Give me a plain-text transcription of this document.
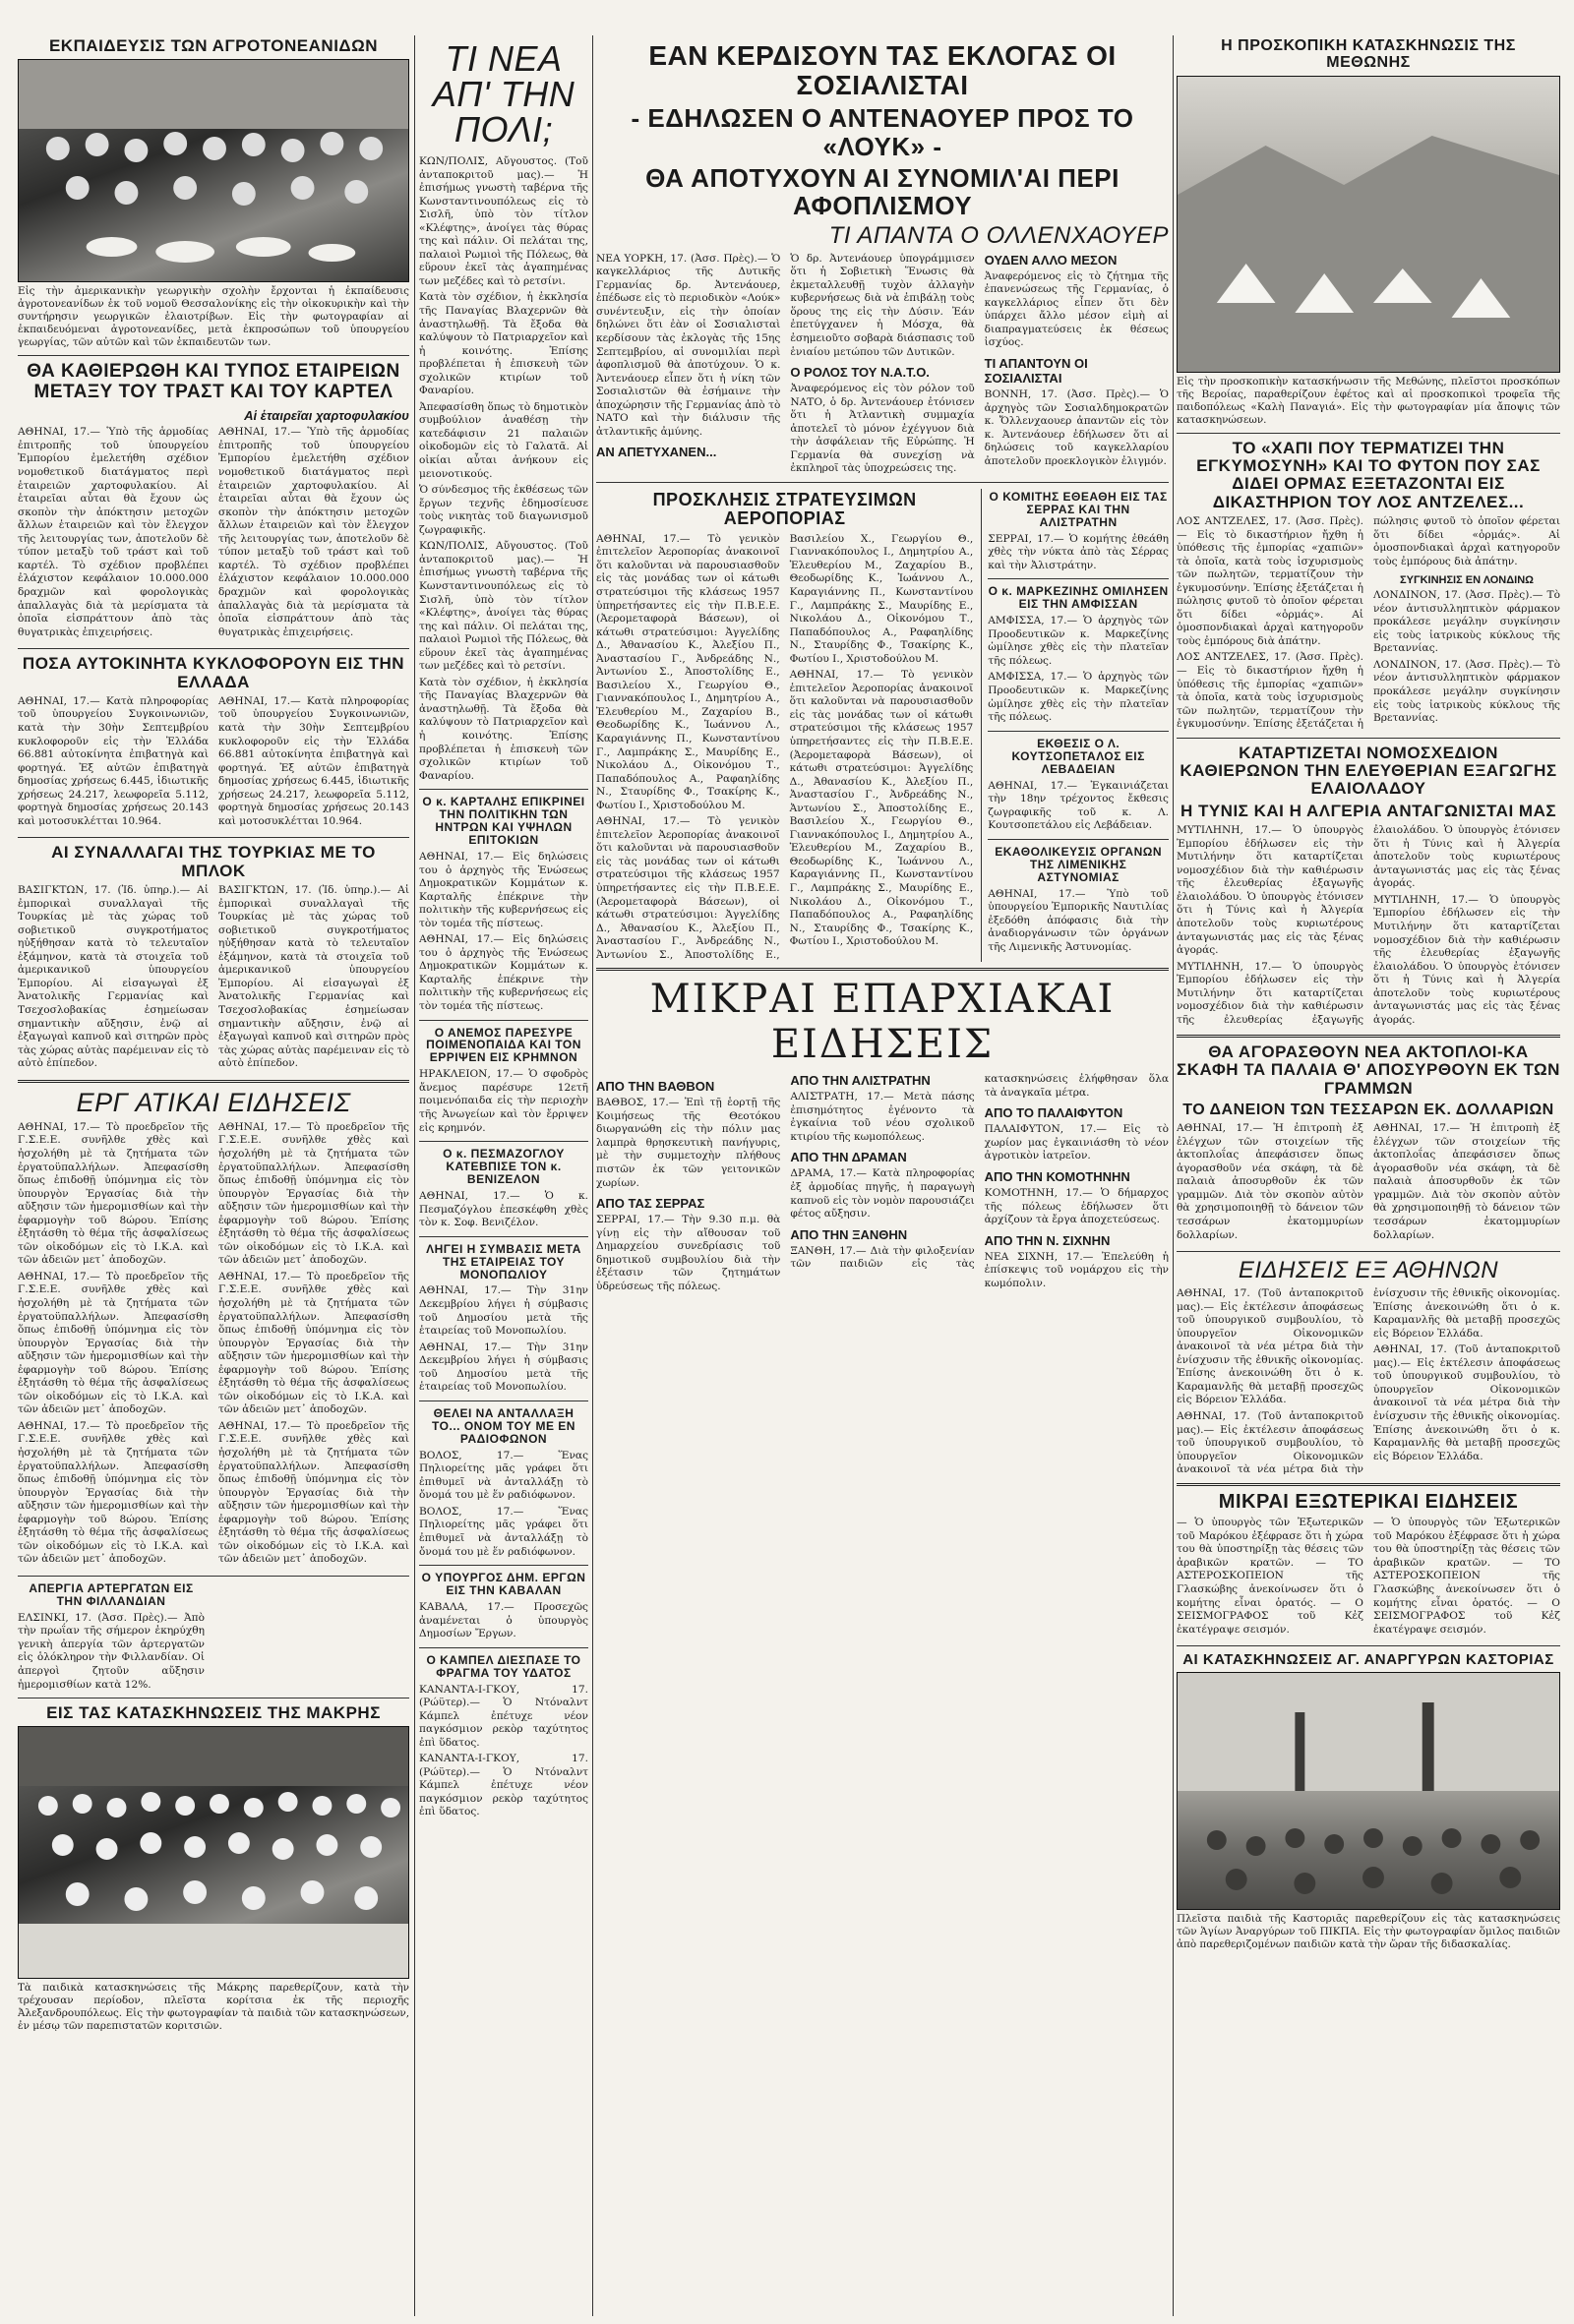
ΕΚΠΑΙΔΕΥΣΙΣ ΤΩΝ ΑΓΡΟΤΟΝΕΑΝΙΔΩΝ
Εἰς τὴν ἀμερικανικὴν γεωργικὴν σχολὴν ἔρχονται ἡ ἐκπαίδευσις ἀγροτονεανίδων ἐκ τοῦ νομοῦ Θεσσαλονίκης εἰς τὴν οἰκοκυρικὴν καὶ τὴν συντήρησιν γεωργικῶν ἐλαιοτρίβων. Εἰς τὴν φωτογραφίαν αἱ ἐκπαιδευόμεναι ἀγροτονεανίδες, μετὰ ἐκπροσώπων τοῦ ὑπουργείου γεωργίας, τῶν αὐτῶν καὶ τῶν ἐκπαιδευτῶν των.
ΘΑ ΚΑΘΙΕΡΩΘΗ ΚΑΙ ΤΥΠΟΣ ΕΤΑΙΡΕΙΩΝ ΜΕΤΑΞΥ ΤΟΥ ΤΡΑΣΤ ΚΑΙ ΤΟΥ ΚΑΡΤΕΛ
Αἱ ἑταιρεῖαι χαρτοφυλακίου

ΑΘΗΝΑΙ, 17.— Ὑπὸ τῆς ἁρμοδίας ἐπιτροπῆς τοῦ ὑπουργείου Ἐμπορίου ἐμελετήθη σχέδιον νομοθετικοῦ διατάγματος περὶ ἑταιρειῶν χαρτοφυλακίου. Αἱ ἑταιρεῖαι αὗται θὰ ἔχουν ὡς σκοπὸν τὴν ἀπόκτησιν μετοχῶν ἄλλων ἑταιρειῶν καὶ τὸν ἔλεγχον τῆς λειτουργίας των, ἀποτελοῦν δὲ τύπον μεταξὺ τοῦ τράστ καὶ τοῦ καρτέλ. Τὸ σχέδιον προβλέπει ἐλάχιστον κεφάλαιον 10.000.000 δραχμῶν καὶ φορολογικὰς ἀπαλλαγὰς διὰ τὰ μερίσματα τὰ ὁποῖα εἰσπράττουν ἀπὸ τὰς θυγατρικὰς ἐπιχειρήσεις.

ΑΘΗΝΑΙ, 17.— Ὑπὸ τῆς ἁρμοδίας ἐπιτροπῆς τοῦ ὑπουργείου Ἐμπορίου ἐμελετήθη σχέδιον νομοθετικοῦ διατάγματος περὶ ἑταιρειῶν χαρτοφυλακίου. Αἱ ἑταιρεῖαι αὗται θὰ ἔχουν ὡς σκοπὸν τὴν ἀπόκτησιν μετοχῶν ἄλλων ἑταιρειῶν καὶ τὸν ἔλεγχον τῆς λειτουργίας των, ἀποτελοῦν δὲ τύπον μεταξὺ τοῦ τράστ καὶ τοῦ καρτέλ. Τὸ σχέδιον προβλέπει ἐλάχιστον κεφάλαιον 10.000.000 δραχμῶν καὶ φορολογικὰς ἀπαλλαγὰς διὰ τὰ μερίσματα τὰ ὁποῖα εἰσπράττουν ἀπὸ τὰς θυγατρικὰς ἐπιχειρήσεις.

ΠΟΣΑ ΑΥΤΟΚΙΝΗΤΑ ΚΥΚΛΟΦΟΡΟΥΝ ΕΙΣ ΤΗΝ ΕΛΛΑΔΑ

ΑΘΗΝΑΙ, 17.— Κατὰ πληροφορίας τοῦ ὑπουργείου Συγκοινωνιῶν, κατὰ τὴν 30ὴν Σεπτεμβρίου κυκλοφοροῦν εἰς τὴν Ἑλλάδα 66.881 αὐτοκίνητα ἐπιβατηγὰ καὶ φορτηγά. Ἐξ αὐτῶν ἐπιβατηγὰ δημοσίας χρήσεως 6.445, ἰδιωτικῆς χρήσεως 24.217, λεωφορεῖα 5.112, φορτηγὰ δημοσίας χρήσεως 20.143 καὶ μοτοσυκλέτται 10.964.

ΑΘΗΝΑΙ, 17.— Κατὰ πληροφορίας τοῦ ὑπουργείου Συγκοινωνιῶν, κατὰ τὴν 30ὴν Σεπτεμβρίου κυκλοφοροῦν εἰς τὴν Ἑλλάδα 66.881 αὐτοκίνητα ἐπιβατηγὰ καὶ φορτηγά. Ἐξ αὐτῶν ἐπιβατηγὰ δημοσίας χρήσεως 6.445, ἰδιωτικῆς χρήσεως 24.217, λεωφορεῖα 5.112, φορτηγὰ δημοσίας χρήσεως 20.143 καὶ μοτοσυκλέτται 10.964.

ΑΙ ΣΥΝΑΛΛΑΓΑΙ ΤΗΣ ΤΟΥΡΚΙΑΣ ΜΕ ΤΟ ΜΠΛΟΚ

ΒΑΣΙΓΚΤΩΝ, 17. (Ἰδ. ὑπηρ.).— Αἱ ἐμπορικαὶ συναλλαγαὶ τῆς Τουρκίας μὲ τὰς χώρας τοῦ σοβιετικοῦ συγκροτήματος ηὐξήθησαν κατὰ τὸ τελευταῖον ἑξάμηνον, κατὰ τὰ στοιχεῖα τοῦ ἀμερικανικοῦ ὑπουργείου Ἐμπορίου. Αἱ εἰσαγωγαὶ ἐξ Ἀνατολικῆς Γερμανίας καὶ Τσεχοσλοβακίας ἐσημείωσαν σημαντικὴν αὔξησιν, ἐνῷ αἱ ἐξαγωγαὶ καπνοῦ καὶ σιτηρῶν πρὸς τὰς χώρας αὐτὰς παρέμειναν εἰς τὸ αὐτὸ ἐπίπεδον.

ΒΑΣΙΓΚΤΩΝ, 17. (Ἰδ. ὑπηρ.).— Αἱ ἐμπορικαὶ συναλλαγαὶ τῆς Τουρκίας μὲ τὰς χώρας τοῦ σοβιετικοῦ συγκροτήματος ηὐξήθησαν κατὰ τὸ τελευταῖον ἑξάμηνον, κατὰ τὰ στοιχεῖα τοῦ ἀμερικανικοῦ ὑπουργείου Ἐμπορίου. Αἱ εἰσαγωγαὶ ἐξ Ἀνατολικῆς Γερμανίας καὶ Τσεχοσλοβακίας ἐσημείωσαν σημαντικὴν αὔξησιν, ἐνῷ αἱ ἐξαγωγαὶ καπνοῦ καὶ σιτηρῶν πρὸς τὰς χώρας αὐτὰς παρέμειναν εἰς τὸ αὐτὸ ἐπίπεδον.

ΕΡΓ ΑΤΙΚΑΙ ΕΙΔΗΣΕΙΣ

ΑΘΗΝΑΙ, 17.— Τὸ προεδρεῖον τῆς Γ.Σ.Ε.Ε. συνῆλθε χθὲς καὶ ἠσχολήθη μὲ τὰ ζητήματα τῶν ἐργατοϋπαλλήλων. Ἀπεφασίσθη ὅπως ἐπιδοθῇ ὑπόμνημα εἰς τὸν ὑπουργὸν Ἐργασίας διὰ τὴν αὔξησιν τῶν ἡμερομισθίων καὶ τὴν ἐφαρμογὴν τοῦ 8ώρου. Ἐπίσης ἐξητάσθη τὸ θέμα τῆς ἀσφαλίσεως τῶν οἰκοδόμων εἰς τὸ Ι.Κ.Α. καὶ τῶν ἀδειῶν μετ᾽ ἀποδοχῶν.

ΑΘΗΝΑΙ, 17.— Τὸ προεδρεῖον τῆς Γ.Σ.Ε.Ε. συνῆλθε χθὲς καὶ ἠσχολήθη μὲ τὰ ζητήματα τῶν ἐργατοϋπαλλήλων. Ἀπεφασίσθη ὅπως ἐπιδοθῇ ὑπόμνημα εἰς τὸν ὑπουργὸν Ἐργασίας διὰ τὴν αὔξησιν τῶν ἡμερομισθίων καὶ τὴν ἐφαρμογὴν τοῦ 8ώρου. Ἐπίσης ἐξητάσθη τὸ θέμα τῆς ἀσφαλίσεως τῶν οἰκοδόμων εἰς τὸ Ι.Κ.Α. καὶ τῶν ἀδειῶν μετ᾽ ἀποδοχῶν.

ΑΘΗΝΑΙ, 17.— Τὸ προεδρεῖον τῆς Γ.Σ.Ε.Ε. συνῆλθε χθὲς καὶ ἠσχολήθη μὲ τὰ ζητήματα τῶν ἐργατοϋπαλλήλων. Ἀπεφασίσθη ὅπως ἐπιδοθῇ ὑπόμνημα εἰς τὸν ὑπουργὸν Ἐργασίας διὰ τὴν αὔξησιν τῶν ἡμερομισθίων καὶ τὴν ἐφαρμογὴν τοῦ 8ώρου. Ἐπίσης ἐξητάσθη τὸ θέμα τῆς ἀσφαλίσεως τῶν οἰκοδόμων εἰς τὸ Ι.Κ.Α. καὶ τῶν ἀδειῶν μετ᾽ ἀποδοχῶν.

ΑΘΗΝΑΙ, 17.— Τὸ προεδρεῖον τῆς Γ.Σ.Ε.Ε. συνῆλθε χθὲς καὶ ἠσχολήθη μὲ τὰ ζητήματα τῶν ἐργατοϋπαλλήλων. Ἀπεφασίσθη ὅπως ἐπιδοθῇ ὑπόμνημα εἰς τὸν ὑπουργὸν Ἐργασίας διὰ τὴν αὔξησιν τῶν ἡμερομισθίων καὶ τὴν ἐφαρμογὴν τοῦ 8ώρου. Ἐπίσης ἐξητάσθη τὸ θέμα τῆς ἀσφαλίσεως τῶν οἰκοδόμων εἰς τὸ Ι.Κ.Α. καὶ τῶν ἀδειῶν μετ᾽ ἀποδοχῶν.

ΑΘΗΝΑΙ, 17.— Τὸ προεδρεῖον τῆς Γ.Σ.Ε.Ε. συνῆλθε χθὲς καὶ ἠσχολήθη μὲ τὰ ζητήματα τῶν ἐργατοϋπαλλήλων. Ἀπεφασίσθη ὅπως ἐπιδοθῇ ὑπόμνημα εἰς τὸν ὑπουργὸν Ἐργασίας διὰ τὴν αὔξησιν τῶν ἡμερομισθίων καὶ τὴν ἐφαρμογὴν τοῦ 8ώρου. Ἐπίσης ἐξητάσθη τὸ θέμα τῆς ἀσφαλίσεως τῶν οἰκοδόμων εἰς τὸ Ι.Κ.Α. καὶ τῶν ἀδειῶν μετ᾽ ἀποδοχῶν.

ΑΘΗΝΑΙ, 17.— Τὸ προεδρεῖον τῆς Γ.Σ.Ε.Ε. συνῆλθε χθὲς καὶ ἠσχολήθη μὲ τὰ ζητήματα τῶν ἐργατοϋπαλλήλων. Ἀπεφασίσθη ὅπως ἐπιδοθῇ ὑπόμνημα εἰς τὸν ὑπουργὸν Ἐργασίας διὰ τὴν αὔξησιν τῶν ἡμερομισθίων καὶ τὴν ἐφαρμογὴν τοῦ 8ώρου. Ἐπίσης ἐξητάσθη τὸ θέμα τῆς ἀσφαλίσεως τῶν οἰκοδόμων εἰς τὸ Ι.Κ.Α. καὶ τῶν ἀδειῶν μετ᾽ ἀποδοχῶν.

ΑΠΕΡΓΙΑ ΑΡΤΕΡΓΑΤΩΝ ΕΙΣ ΤΗΝ ΦΙΛΛΑΝΔΙΑΝ

ΕΛΣΙΝΚΙ, 17. (Ἀσσ. Πρὲς).— Ἀπὸ τὴν πρωΐαν τῆς σήμερον ἐκηρύχθη γενικὴ ἀπεργία τῶν ἀρτεργατῶν εἰς ὁλόκληρον τὴν Φιλλανδίαν. Οἱ ἀπεργοὶ ζητοῦν αὔξησιν ἡμερομισθίων κατὰ 12%.

ΕΙΣ ΤΑΣ ΚΑΤΑΣΚΗΝΩΣΕΙΣ ΤΗΣ ΜΑΚΡΗΣ
Τὰ παιδικὰ κατασκηνώσεις τῆς Μάκρης παρεθερίζουν, κατὰ τὴν τρέχουσαν περίοδον, πλεῖστα κορίτσια ἐκ τῆς περιοχῆς Ἀλεξανδρουπόλεως. Εἰς τὴν φωτογραφίαν τὰ παιδιὰ τῶν κατασκηνώσεων, ἐν μέσῳ τῶν παρεπιστατῶν κοριτσιῶν.
ΤΙ ΝΕΑ ΑΠ' ΤΗΝ ΠΟΛΙ;

ΚΩΝ/ΠΟΛΙΣ, Αὔγουστος. (Τοῦ ἀνταποκριτοῦ μας).— Ἡ ἐπισήμως γνωστὴ ταβέρνα τῆς Κωνσταντινουπόλεως εἰς τὸ Σισλῆ, ὑπὸ τὸν τίτλον «Κλέφτης», ἀνοίγει τὰς θύρας της καὶ πάλιν. Οἱ πελάται της, παλαιοὶ Ρωμιοὶ τῆς Πόλεως, θὰ εὕρουν ἐκεῖ τὰς ἀγαπημένας των μεζέδες καὶ τὸ ρετσίνι.

Κατὰ τὸν σχέδιον, ἡ ἐκκλησία τῆς Παναγίας Βλαχερνῶν θὰ ἀναστηλωθῇ. Τὰ ἔξοδα θὰ καλύψουν τὸ Πατριαρχεῖον καὶ ἡ κοινότης. Ἐπίσης προβλέπεται ἡ ἐπισκευὴ τῶν σχολικῶν κτιρίων τοῦ Φαναρίου.

Ἀπεφασίσθη ὅπως τὸ δημοτικὸν συμβούλιον ἀναθέσῃ τὴν κατεδάφισιν 21 παλαιῶν οἰκοδομῶν εἰς τὸ Γαλατᾶ. Αἱ οἰκίαι αὗται ἀνήκουν εἰς μειονοτικούς.

Ὁ σύνδεσμος τῆς ἐκθέσεως τῶν ἔργων τεχνῆς ἐδημοσίευσε τοὺς νικητὰς τοῦ διαγωνισμοῦ ζωγραφικῆς.

ΚΩΝ/ΠΟΛΙΣ, Αὔγουστος. (Τοῦ ἀνταποκριτοῦ μας).— Ἡ ἐπισήμως γνωστὴ ταβέρνα τῆς Κωνσταντινουπόλεως εἰς τὸ Σισλῆ, ὑπὸ τὸν τίτλον «Κλέφτης», ἀνοίγει τὰς θύρας της καὶ πάλιν. Οἱ πελάται της, παλαιοὶ Ρωμιοὶ τῆς Πόλεως, θὰ εὕρουν ἐκεῖ τὰς ἀγαπημένας των μεζέδες καὶ τὸ ρετσίνι.

Κατὰ τὸν σχέδιον, ἡ ἐκκλησία τῆς Παναγίας Βλαχερνῶν θὰ ἀναστηλωθῇ. Τὰ ἔξοδα θὰ καλύψουν τὸ Πατριαρχεῖον καὶ ἡ κοινότης. Ἐπίσης προβλέπεται ἡ ἐπισκευὴ τῶν σχολικῶν κτιρίων τοῦ Φαναρίου.

Ο κ. ΚΑΡΤΑΛΗΣ ΕΠΙΚΡΙΝΕΙ ΤΗΝ ΠΟΛΙΤΙΚΗΝ ΤΩΝ ΗΝΤΡΩΝ ΚΑΙ ΥΨΗΛΩΝ ΕΠΙΤΟΚΙΩΝ

ΑΘΗΝΑΙ, 17.— Εἰς δηλώσεις του ὁ ἀρχηγὸς τῆς Ἑνώσεως Δημοκρατικῶν Κομμάτων κ. Καρταλῆς ἐπέκρινε τὴν πολιτικὴν τῆς κυβερνήσεως εἰς τὸν τομέα τῆς πίστεως.

ΑΘΗΝΑΙ, 17.— Εἰς δηλώσεις του ὁ ἀρχηγὸς τῆς Ἑνώσεως Δημοκρατικῶν Κομμάτων κ. Καρταλῆς ἐπέκρινε τὴν πολιτικὴν τῆς κυβερνήσεως εἰς τὸν τομέα τῆς πίστεως.

Ο ΑΝΕΜΟΣ ΠΑΡΕΣΥΡΕ ΠΟΙΜΕΝΟΠΑΙΔΑ ΚΑΙ ΤΟΝ ΕΡΡΙΨΕΝ ΕΙΣ ΚΡΗΜΝΟΝ

ΗΡΑΚΛΕΙΟΝ, 17.— Ὁ σφοδρὸς ἄνεμος παρέσυρε 12ετῆ ποιμενόπαιδα εἰς τὴν περιοχὴν τῆς Ἀνωγείων καὶ τὸν ἔρριψεν εἰς κρημνόν.

Ο κ. ΠΕΣΜΑΖΟΓΛΟΥ ΚΑΤΕΒΠΙΣΕ ΤΟΝ κ. ΒΕΝΙΖΕΛΟΝ

ΑΘΗΝΑΙ, 17.— Ὁ κ. Πεσμαζόγλου ἐπεσκέφθη χθὲς τὸν κ. Σοφ. Βενιζέλον.

ΛΗΓΕΙ Η ΣΥΜΒΑΣΙΣ ΜΕΤΑ ΤΗΣ ΕΤΑΙΡΕΙΑΣ ΤΟΥ ΜΟΝΟΠΩΛΙΟΥ

ΑΘΗΝΑΙ, 17.— Τὴν 31ην Δεκεμβρίου λήγει ἡ σύμβασις τοῦ Δημοσίου μετὰ τῆς ἑταιρείας τοῦ Μονοπωλίου.

ΑΘΗΝΑΙ, 17.— Τὴν 31ην Δεκεμβρίου λήγει ἡ σύμβασις τοῦ Δημοσίου μετὰ τῆς ἑταιρείας τοῦ Μονοπωλίου.

ΘΕΛΕΙ ΝΑ ΑΝΤΑΛΛΑΞΗ ΤΟ... ΟΝΟΜ ΤΟΥ ΜΕ ΕΝ ΡΑΔΙΟΦΩΝΟΝ

ΒΟΛΟΣ, 17.— Ἕνας Πηλιορείτης μᾶς γράφει ὅτι ἐπιθυμεῖ νὰ ἀνταλλάξῃ τὸ ὄνομά του μὲ ἕν ραδιόφωνον.

ΒΟΛΟΣ, 17.— Ἕνας Πηλιορείτης μᾶς γράφει ὅτι ἐπιθυμεῖ νὰ ἀνταλλάξῃ τὸ ὄνομά του μὲ ἕν ραδιόφωνον.

Ο ΥΠΟΥΡΓΟΣ ΔΗΜ. ΕΡΓΩΝ ΕΙΣ ΤΗΝ ΚΑΒΑΛΑΝ

ΚΑΒΑΛΑ, 17.— Προσεχῶς ἀναμένεται ὁ ὑπουργὸς Δημοσίων Ἔργων.

Ο ΚΑΜΠΕΛ ΔΙΕΣΠΑΣΕ ΤΟ ΦΡΑΓΜΑ ΤΟΥ ΥΔΑΤΟΣ

ΚΑΝΑΝΤΑ-Ι-ΓΚΟΥ, 17. (Ρώϋτερ).— Ὁ Ντόναλντ Κάμπελ ἐπέτυχε νέον παγκόσμιον ρεκὸρ ταχύτητος ἐπὶ ὕδατος.

ΚΑΝΑΝΤΑ-Ι-ΓΚΟΥ, 17. (Ρώϋτερ).— Ὁ Ντόναλντ Κάμπελ ἐπέτυχε νέον παγκόσμιον ρεκὸρ ταχύτητος ἐπὶ ὕδατος.

ΕΑΝ ΚΕΡΔΙΣΟΥΝ ΤΑΣ ΕΚΛΟΓΑΣ ΟΙ ΣΟΣΙΑΛΙΣΤΑΙ
- ΕΔΗΛΩΣΕΝ Ο ΑΝΤΕΝΑΟΥΕΡ ΠΡΟΣ ΤΟ «ΛΟΥΚ» -
ΘΑ ΑΠΟΤΥΧΟΥΝ ΑΙ ΣΥΝΟΜΙΛ'ΑΙ ΠΕΡΙ ΑΦΟΠΛΙΣΜΟΥ
ΤΙ ΑΠΑΝΤΑ Ο ΟΛΛΕΝΧΑΟΥΕΡ

ΝΕΑ ΥΟΡΚΗ, 17. (Ἀσσ. Πρὲς).— Ὁ καγκελλάριος τῆς Δυτικῆς Γερμανίας δρ. Ἀντενάουερ, ἐπέδωσε εἰς τὸ περιοδικὸν «Λούκ» συνέντευξιν, εἰς τὴν ὁποίαν δηλώνει ὅτι ἐὰν οἱ Σοσιαλισταὶ κερδίσουν τὰς ἐκλογὰς τῆς 15ης Σεπτεμβρίου, αἱ συνομιλίαι περὶ ἀφοπλισμοῦ θὰ ἀποτύχουν. Ὁ κ. Ἀντενάουερ εἶπεν ὅτι ἡ νίκη τῶν Σοσιαλιστῶν θὰ ἐσήμαινε τὴν ἀποχώρησιν τῆς Γερμανίας ἀπὸ τὸ ΝΑΤΟ καὶ τὴν διάλυσιν τῆς ἀτλαντικῆς ἀμύνης.

ΑΝ ΑΠΕΤΥΧΑΝΕΝ...

Ὁ δρ. Ἀντενάουερ ὑπογράμμισεν ὅτι ἡ Σοβιετικὴ Ἕνωσις θὰ ἐκμεταλλευθῇ τυχὸν ἀλλαγὴν κυβερνήσεως διὰ νὰ ἐπιβάλῃ τοὺς ὅρους της εἰς τὴν Δύσιν. Ἐάν ἐπετύγχανεν ἡ Μόσχα, θὰ ἐσημειοῦτο σοβαρὰ διάσπασις τοῦ ἑνιαίου μετώπου τῶν Δυτικῶν.

Ο ΡΟΛΟΣ ΤΟΥ Ν.Α.Τ.Ο.

Ἀναφερόμενος εἰς τὸν ρόλον τοῦ ΝΑΤΟ, ὁ δρ. Ἀντενάουερ ἐτόνισεν ὅτι ἡ Ἀτλαντικὴ συμμαχία ἀποτελεῖ τὸ μόνον ἐχέγγυον διὰ τὴν ἀσφάλειαν τῆς Εὐρώπης. Ἡ Γερμανία θὰ συνεχίσῃ νὰ ἐκπληροῖ τὰς ὑποχρεώσεις της.

ΟΥΔΕΝ ΑΛΛΟ ΜΕΣΟΝ

Ἀναφερόμενος εἰς τὸ ζήτημα τῆς ἐπανενώσεως τῆς Γερμανίας, ὁ καγκελλάριος εἶπεν ὅτι δὲν ὑπάρχει ἄλλο μέσον εἰμὴ αἱ διαπραγματεύσεις ἐκ θέσεως ἰσχύος.

ΤΙ ΑΠΑΝΤΟΥΝ ΟΙ ΣΟΣΙΑΛΙΣΤΑΙ

ΒΟΝΝΗ, 17. (Ἀσσ. Πρὲς).— Ὁ ἀρχηγὸς τῶν Σοσιαλδημοκρατῶν κ. Ὄλλενχαουερ ἀπαντῶν εἰς τὸν κ. Ἀντενάουερ ἐδήλωσεν ὅτι αἱ δηλώσεις τοῦ καγκελλαρίου ἀποτελοῦν προεκλογικὸν ἐλιγμόν.

ΠΡΟΣΚΛΗΣΙΣ ΣΤΡΑΤΕΥΣΙΜΩΝ ΑΕΡΟΠΟΡΙΑΣ

ΑΘΗΝΑΙ, 17.— Τὸ γενικὸν ἐπιτελεῖον Ἀεροπορίας ἀνακοινοῖ ὅτι καλοῦνται νὰ παρουσιασθοῦν εἰς τὰς μονάδας των οἱ κάτωθι στρατεύσιμοι τῆς κλάσεως 1957 ὑπηρετήσαντες εἰς τὴν Π.Β.Ε.Ε. (Ἀερομεταφορὰ Βάσεων), οἱ κάτωθι στρατεύσιμοι: Ἀγγελίδης Δ., Ἀθανασίου Κ., Ἀλεξίου Π., Ἀναστασίου Γ., Ἀνδρεάδης Ν., Ἀντωνίου Σ., Ἀποστολίδης Ε., Βασιλείου Χ., Γεωργίου Θ., Γιαννακόπουλος Ι., Δημητρίου Α., Ἐλευθερίου Μ., Ζαχαρίου Β., Θεοδωρίδης Κ., Ἰωάννου Λ., Καραγιάννης Π., Κωνσταντίνου Γ., Λαμπράκης Σ., Μαυρίδης Ε., Νικολάου Δ., Οἰκονόμου Τ., Παπαδόπουλος Α., Ραφαηλίδης Ν., Σταυρίδης Φ., Τσακίρης Κ., Φωτίου Ι., Χριστοδούλου Μ.

ΑΘΗΝΑΙ, 17.— Τὸ γενικὸν ἐπιτελεῖον Ἀεροπορίας ἀνακοινοῖ ὅτι καλοῦνται νὰ παρουσιασθοῦν εἰς τὰς μονάδας των οἱ κάτωθι στρατεύσιμοι τῆς κλάσεως 1957 ὑπηρετήσαντες εἰς τὴν Π.Β.Ε.Ε. (Ἀερομεταφορὰ Βάσεων), οἱ κάτωθι στρατεύσιμοι: Ἀγγελίδης Δ., Ἀθανασίου Κ., Ἀλεξίου Π., Ἀναστασίου Γ., Ἀνδρεάδης Ν., Ἀντωνίου Σ., Ἀποστολίδης Ε., Βασιλείου Χ., Γεωργίου Θ., Γιαννακόπουλος Ι., Δημητρίου Α., Ἐλευθερίου Μ., Ζαχαρίου Β., Θεοδωρίδης Κ., Ἰωάννου Λ., Καραγιάννης Π., Κωνσταντίνου Γ., Λαμπράκης Σ., Μαυρίδης Ε., Νικολάου Δ., Οἰκονόμου Τ., Παπαδόπουλος Α., Ραφαηλίδης Ν., Σταυρίδης Φ., Τσακίρης Κ., Φωτίου Ι., Χριστοδούλου Μ.

ΑΘΗΝΑΙ, 17.— Τὸ γενικὸν ἐπιτελεῖον Ἀεροπορίας ἀνακοινοῖ ὅτι καλοῦνται νὰ παρουσιασθοῦν εἰς τὰς μονάδας των οἱ κάτωθι στρατεύσιμοι τῆς κλάσεως 1957 ὑπηρετήσαντες εἰς τὴν Π.Β.Ε.Ε. (Ἀερομεταφορὰ Βάσεων), οἱ κάτωθι στρατεύσιμοι: Ἀγγελίδης Δ., Ἀθανασίου Κ., Ἀλεξίου Π., Ἀναστασίου Γ., Ἀνδρεάδης Ν., Ἀντωνίου Σ., Ἀποστολίδης Ε., Βασιλείου Χ., Γεωργίου Θ., Γιαννακόπουλος Ι., Δημητρίου Α., Ἐλευθερίου Μ., Ζαχαρίου Β., Θεοδωρίδης Κ., Ἰωάννου Λ., Καραγιάννης Π., Κωνσταντίνου Γ., Λαμπράκης Σ., Μαυρίδης Ε., Νικολάου Δ., Οἰκονόμου Τ., Παπαδόπουλος Α., Ραφαηλίδης Ν., Σταυρίδης Φ., Τσακίρης Κ., Φωτίου Ι., Χριστοδούλου Μ.

Ο ΚΟΜΙΤΗΣ ΕΘΕΑΘΗ ΕΙΣ ΤΑΣ ΣΕΡΡΑΣ ΚΑΙ ΤΗΝ ΑΛΙΣΤΡΑΤΗΝ

ΣΕΡΡΑΙ, 17.— Ὁ κομήτης ἐθεάθη χθὲς τὴν νύκτα ἀπὸ τὰς Σέρρας καὶ τὴν Ἀλιστράτην.

Ο κ. ΜΑΡΚΕΖΙΝΗΣ ΟΜΙΛΗΣΕΝ ΕΙΣ ΤΗΝ ΑΜΦΙΣΣΑΝ

ΑΜΦΙΣΣΑ, 17.— Ὁ ἀρχηγὸς τῶν Προοδευτικῶν κ. Μαρκεζίνης ὡμίλησε χθὲς εἰς τὴν πλατεῖαν τῆς πόλεως.

ΑΜΦΙΣΣΑ, 17.— Ὁ ἀρχηγὸς τῶν Προοδευτικῶν κ. Μαρκεζίνης ὡμίλησε χθὲς εἰς τὴν πλατεῖαν τῆς πόλεως.

ΕΚΘΕΣΙΣ Ο Λ. ΚΟΥΤΣΟΠΕΤΑΛΟΣ ΕΙΣ ΛΕΒΑΔΕΙΑΝ

ΑΘΗΝΑΙ, 17.— Ἐγκαινιάζεται τὴν 18ην τρέχοντος ἔκθεσις ζωγραφικῆς τοῦ κ. Λ. Κουτσοπετάλου εἰς Λεβάδειαν.

ΕΚΑΘΟΛΙΚΕΥΣΙΣ ΟΡΓΑΝΩΝ ΤΗΣ ΛΙΜΕΝΙΚΗΣ ΑΣΤΥΝΟΜΙΑΣ

ΑΘΗΝΑΙ, 17.— Ὑπὸ τοῦ ὑπουργείου Ἐμπορικῆς Ναυτιλίας ἐξεδόθη ἀπόφασις διὰ τὴν ἀναδιοργάνωσιν τῶν ὀργάνων τῆς Λιμενικῆς Ἀστυνομίας.

ΜΙΚΡΑΙ ΕΠΑΡΧΙΑΚΑΙ ΕΙΔΗΣΕΙΣ
ΑΠΟ ΤΗΝ ΒΑΘΒΟΝ

ΒΑΘΒΟΣ, 17.— Ἐπὶ τῇ ἑορτῇ τῆς Κοιμήσεως τῆς Θεοτόκου διωργανώθη εἰς τὴν πόλιν μας λαμπρὰ θρησκευτικὴ πανήγυρις, μὲ τὴν συμμετοχὴν πλήθους πιστῶν ἐκ τῶν γειτονικῶν χωρίων.

ΑΠΟ ΤΑΣ ΣΕΡΡΑΣ

ΣΕΡΡΑΙ, 17.— Τὴν 9.30 π.μ. θὰ γίνῃ εἰς τὴν αἴθουσαν τοῦ Δημαρχείου συνεδρίασις τοῦ δημοτικοῦ συμβουλίου διὰ τὴν ἐξέτασιν τῶν ζητημάτων ὑδρεύσεως τῆς πόλεως.

ΑΠΟ ΤΗΝ ΑΛΙΣΤΡΑΤΗΝ

ΑΛΙΣΤΡΑΤΗ, 17.— Μετὰ πάσης ἐπισημότητος ἐγένοντο τὰ ἐγκαίνια τοῦ νέου σχολικοῦ κτιρίου τῆς κωμοπόλεως.

ΑΠΟ ΤΗΝ ΔΡΑΜΑΝ

ΔΡΑΜΑ, 17.— Κατὰ πληροφορίας ἐξ ἀρμοδίας πηγῆς, ἡ παραγωγὴ καπνοῦ εἰς τὸν νομὸν παρουσιάζει φέτος αὔξησιν.

ΑΠΟ ΤΗΝ ΞΑΝΘΗΝ

ΞΑΝΘΗ, 17.— Διὰ τὴν φιλοξενίαν τῶν παιδιῶν εἰς τὰς κατασκηνώσεις ἐλήφθησαν ὅλα τὰ ἀναγκαῖα μέτρα.

ΑΠΟ ΤΟ ΠΑΛΑΙΦΥΤΟΝ

ΠΑΛΑΙΦΥΤΟΝ, 17.— Εἰς τὸ χωρίον μας ἐγκαινιάσθη τὸ νέον ἀγροτικὸν ἰατρεῖον.

ΑΠΟ ΤΗΝ ΚΟΜΟΤΗΝΗΝ

ΚΟΜΟΤΗΝΗ, 17.— Ὁ δήμαρχος τῆς πόλεως ἐδήλωσεν ὅτι ἀρχίζουν τὰ ἔργα ἀποχετεύσεως.

ΑΠΟ ΤΗΝ Ν. ΣΙΧΝΗΝ

ΝΕΑ ΣΙΧΝΗ, 17.— Ἐπελεύθη ἡ ἐπίσκεψις τοῦ νομάρχου εἰς τὴν κωμόπολιν.

Η ΠΡΟΣΚΟΠΙΚΗ ΚΑΤΑΣΚΗΝΩΣΙΣ ΤΗΣ ΜΕΘΩΝΗΣ
Εἰς τὴν προσκοπικὴν κατασκήνωσιν τῆς Μεθώνης, πλεῖστοι προσκόπων τῆς Βεροίας, παραθερίζουν ἐφέτος καὶ αἱ προσκοπικοὶ τροφεῖα τῆς παιδοπόλεως «Καλὴ Παναγιά». Εἰς τὴν φωτογραφίαν μία ἄποψις τῶν κατασκηνώσεων.
ΤΟ «ΧΑΠΙ ΠΟΥ ΤΕΡΜΑΤΙΖΕΙ ΤΗΝ ΕΓΚΥΜΟΣΥΝΗ» ΚΑΙ ΤΟ ΦΥΤΟΝ ΠΟΥ ΣΑΣ ΔΙΔΕΙ ΟΡΜΑΣ ΕΞΕΤΑΖΟΝΤΑΙ ΕΙΣ ΔΙΚΑΣΤΗΡΙΟΝ ΤΟΥ ΛΟΣ ΑΝΤΖΕΛΕΣ...

ΛΟΣ ΑΝΤΖΕΛΕΣ, 17. (Ἀσσ. Πρὲς).— Εἰς τὸ δικαστήριον ἤχθη ἡ ὑπόθεσις τῆς ἐμπορίας «χαπιῶν» τὰ ὁποῖα, κατὰ τοὺς ἰσχυρισμοὺς τῶν πωλητῶν, τερματίζουν τὴν ἐγκυμοσύνην. Ἐπίσης ἐξετάζεται ἡ πώλησις φυτοῦ τὸ ὁποῖον φέρεται ὅτι δίδει «ὁρμάς». Αἱ ὁμοσπονδιακαὶ ἀρχαὶ κατηγοροῦν τοὺς ἐμπόρους διὰ ἀπάτην.

ΛΟΣ ΑΝΤΖΕΛΕΣ, 17. (Ἀσσ. Πρὲς).— Εἰς τὸ δικαστήριον ἤχθη ἡ ὑπόθεσις τῆς ἐμπορίας «χαπιῶν» τὰ ὁποῖα, κατὰ τοὺς ἰσχυρισμοὺς τῶν πωλητῶν, τερματίζουν τὴν ἐγκυμοσύνην. Ἐπίσης ἐξετάζεται ἡ πώλησις φυτοῦ τὸ ὁποῖον φέρεται ὅτι δίδει «ὁρμάς». Αἱ ὁμοσπονδιακαὶ ἀρχαὶ κατηγοροῦν τοὺς ἐμπόρους διὰ ἀπάτην.

ΣΥΓΚΙΝΗΣΙΣ ΕΝ ΛΟΝΔΙΝΩ

ΛΟΝΔΙΝΟΝ, 17. (Ἀσσ. Πρὲς).— Τὸ νέον ἀντισυλληπτικὸν φάρμακον προκάλεσε μεγάλην συγκίνησιν εἰς τοὺς ἰατρικοὺς κύκλους τῆς Βρεταννίας.

ΛΟΝΔΙΝΟΝ, 17. (Ἀσσ. Πρὲς).— Τὸ νέον ἀντισυλληπτικὸν φάρμακον προκάλεσε μεγάλην συγκίνησιν εἰς τοὺς ἰατρικοὺς κύκλους τῆς Βρεταννίας.

ΚΑΤΑΡΤΙΖΕΤΑΙ ΝΟΜΟΣΧΕΔΙΟΝ ΚΑΘΙΕΡΩΝΟΝ ΤΗΝ ΕΛΕΥΘΕΡΙΑΝ ΕΞΑΓΩΓΗΣ ΕΛΑΙΟΛΑΔΟΥ
Η ΤΥΝΙΣ ΚΑΙ Η ΑΛΓΕΡΙΑ ΑΝΤΑΓΩΝΙΣΤΑΙ ΜΑΣ

ΜΥΤΙΛΗΝΗ, 17.— Ὁ ὑπουργὸς Ἐμπορίου ἐδήλωσεν εἰς τὴν Μυτιλήνην ὅτι καταρτίζεται νομοσχέδιον διὰ τὴν καθιέρωσιν τῆς ἐλευθερίας ἐξαγωγῆς ἐλαιολάδου. Ὁ ὑπουργὸς ἐτόνισεν ὅτι ἡ Τύνις καὶ ἡ Ἀλγερία ἀποτελοῦν τοὺς κυριωτέρους ἀνταγωνιστάς μας εἰς τὰς ξένας ἀγοράς.

ΜΥΤΙΛΗΝΗ, 17.— Ὁ ὑπουργὸς Ἐμπορίου ἐδήλωσεν εἰς τὴν Μυτιλήνην ὅτι καταρτίζεται νομοσχέδιον διὰ τὴν καθιέρωσιν τῆς ἐλευθερίας ἐξαγωγῆς ἐλαιολάδου. Ὁ ὑπουργὸς ἐτόνισεν ὅτι ἡ Τύνις καὶ ἡ Ἀλγερία ἀποτελοῦν τοὺς κυριωτέρους ἀνταγωνιστάς μας εἰς τὰς ξένας ἀγοράς.

ΜΥΤΙΛΗΝΗ, 17.— Ὁ ὑπουργὸς Ἐμπορίου ἐδήλωσεν εἰς τὴν Μυτιλήνην ὅτι καταρτίζεται νομοσχέδιον διὰ τὴν καθιέρωσιν τῆς ἐλευθερίας ἐξαγωγῆς ἐλαιολάδου. Ὁ ὑπουργὸς ἐτόνισεν ὅτι ἡ Τύνις καὶ ἡ Ἀλγερία ἀποτελοῦν τοὺς κυριωτέρους ἀνταγωνιστάς μας εἰς τὰς ξένας ἀγοράς.

ΘΑ ΑΓΟΡΑΣΘΟΥΝ ΝΕΑ ΑΚΤΟΠΛΟΙ-ΚΑ ΣΚΑΦΗ ΤΑ ΠΑΛΑΙΑ Θ' ΑΠΟΣΥΡΘΟΥΝ ΕΚ ΤΩΝ ΓΡΑΜΜΩΝ
ΤΟ ΔΑΝΕΙΟΝ ΤΩΝ ΤΕΣΣΑΡΩΝ ΕΚ. ΔΟΛΛΑΡΙΩΝ

ΑΘΗΝΑΙ, 17.— Ἡ ἐπιτροπὴ ἐξ ἐλέγχων τῶν στοιχείων τῆς ἀκτοπλοΐας ἀπεφάσισεν ὅπως ἀγορασθοῦν νέα σκάφη, τὰ δὲ παλαιὰ ἀποσυρθοῦν ἐκ τῶν γραμμῶν. Διὰ τὸν σκοπὸν αὐτὸν θὰ χρησιμοποιηθῇ τὸ δάνειον τῶν τεσσάρων ἑκατομμυρίων δολλαρίων.

ΑΘΗΝΑΙ, 17.— Ἡ ἐπιτροπὴ ἐξ ἐλέγχων τῶν στοιχείων τῆς ἀκτοπλοΐας ἀπεφάσισεν ὅπως ἀγορασθοῦν νέα σκάφη, τὰ δὲ παλαιὰ ἀποσυρθοῦν ἐκ τῶν γραμμῶν. Διὰ τὸν σκοπὸν αὐτὸν θὰ χρησιμοποιηθῇ τὸ δάνειον τῶν τεσσάρων ἑκατομμυρίων δολλαρίων.

ΕΙΔΗΣΕΙΣ ΕΞ ΑΘΗΝΩΝ

ΑΘΗΝΑΙ, 17. (Τοῦ ἀνταποκριτοῦ μας).— Εἰς ἐκτέλεσιν ἀποφάσεως τοῦ ὑπουργικοῦ συμβουλίου, τὸ ὑπουργεῖον Οἰκονομικῶν ἀνακοινοῖ τὰ νέα μέτρα διὰ τὴν ἐνίσχυσιν τῆς ἐθνικῆς οἰκονομίας. Ἐπίσης ἀνεκοινώθη ὅτι ὁ κ. Καραμανλῆς θὰ μεταβῇ προσεχῶς εἰς Βόρειον Ἑλλάδα.

ΑΘΗΝΑΙ, 17. (Τοῦ ἀνταποκριτοῦ μας).— Εἰς ἐκτέλεσιν ἀποφάσεως τοῦ ὑπουργικοῦ συμβουλίου, τὸ ὑπουργεῖον Οἰκονομικῶν ἀνακοινοῖ τὰ νέα μέτρα διὰ τὴν ἐνίσχυσιν τῆς ἐθνικῆς οἰκονομίας. Ἐπίσης ἀνεκοινώθη ὅτι ὁ κ. Καραμανλῆς θὰ μεταβῇ προσεχῶς εἰς Βόρειον Ἑλλάδα.

ΑΘΗΝΑΙ, 17. (Τοῦ ἀνταποκριτοῦ μας).— Εἰς ἐκτέλεσιν ἀποφάσεως τοῦ ὑπουργικοῦ συμβουλίου, τὸ ὑπουργεῖον Οἰκονομικῶν ἀνακοινοῖ τὰ νέα μέτρα διὰ τὴν ἐνίσχυσιν τῆς ἐθνικῆς οἰκονομίας. Ἐπίσης ἀνεκοινώθη ὅτι ὁ κ. Καραμανλῆς θὰ μεταβῇ προσεχῶς εἰς Βόρειον Ἑλλάδα.

ΜΙΚΡΑΙ ΕΞΩΤΕΡΙΚΑΙ ΕΙΔΗΣΕΙΣ

— Ὁ ὑπουργὸς τῶν Ἐξωτερικῶν τοῦ Μαρόκου ἐξέφρασε ὅτι ἡ χώρα του θὰ ὑποστηρίξῃ τὰς θέσεις τῶν ἀραβικῶν κρατῶν. — ΤΟ ΑΣΤΕΡΟΣΚΟΠΕΙΟΝ τῆς Γλασκώβης ἀνεκοίνωσεν ὅτι ὁ κομήτης εἶναι ὁρατός. — Ο ΣΕΙΣΜΟΓΡΑΦΟΣ τοῦ Κἐζ ἐκατέγραψε σεισμόν.

— Ὁ ὑπουργὸς τῶν Ἐξωτερικῶν τοῦ Μαρόκου ἐξέφρασε ὅτι ἡ χώρα του θὰ ὑποστηρίξῃ τὰς θέσεις τῶν ἀραβικῶν κρατῶν. — ΤΟ ΑΣΤΕΡΟΣΚΟΠΕΙΟΝ τῆς Γλασκώβης ἀνεκοίνωσεν ὅτι ὁ κομήτης εἶναι ὁρατός. — Ο ΣΕΙΣΜΟΓΡΑΦΟΣ τοῦ Κἐζ ἐκατέγραψε σεισμόν.

ΑΙ ΚΑΤΑΣΚΗΝΩΣΕΙΣ ΑΓ. ΑΝΑΡΓΥΡΩΝ ΚΑΣΤΟΡΙΑΣ
Πλεῖστα παιδιὰ τῆς Καστοριᾶς παρεθερίζουν εἰς τὰς κατασκηνώσεις τῶν Ἁγίων Ἀναργύρων τοῦ ΠΙΚΠΑ. Εἰς τὴν φωτογραφίαν ὅμιλος παιδιῶν ἀπὸ παρεθεριζομένων παιδιῶν κατὰ τὴν ὥραν τῆς διδασκαλίας.
